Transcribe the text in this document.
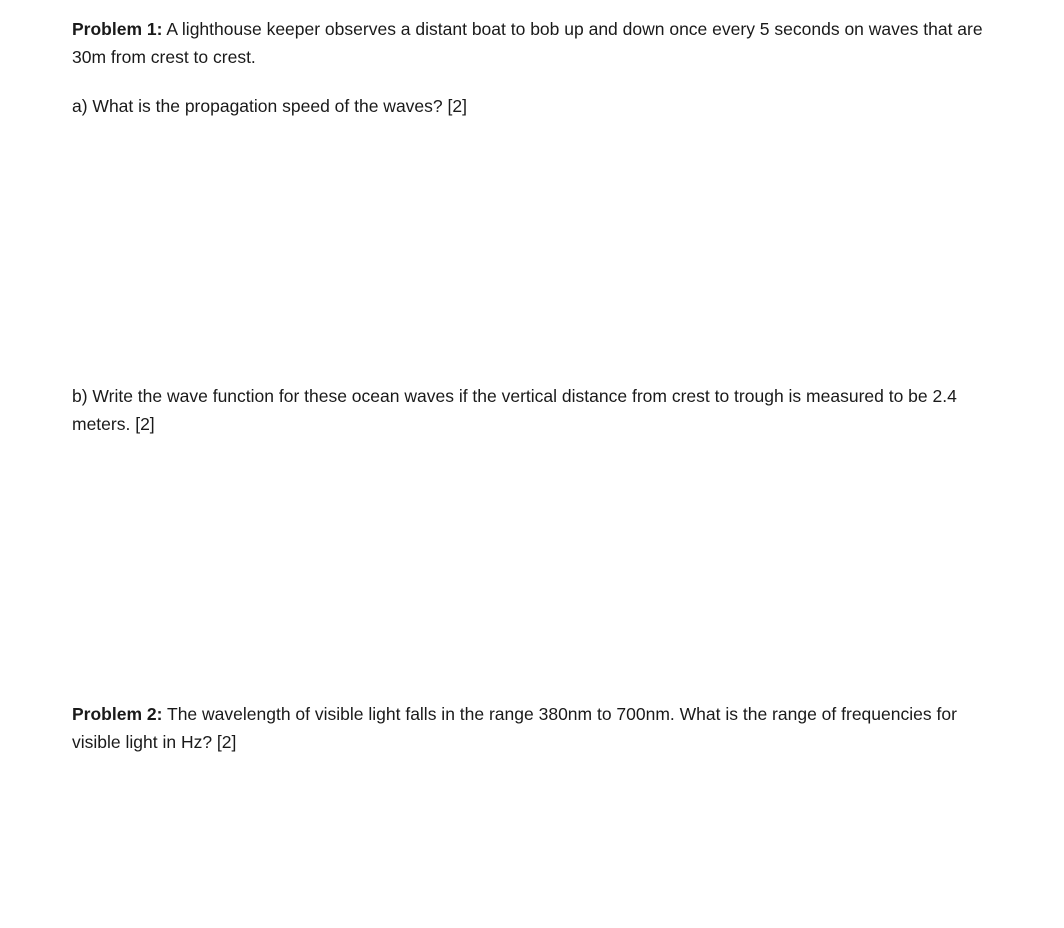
Problem 1: A lighthouse keeper observes a distant boat to bob up and down once every 5 seconds on waves that are 30m from crest to crest.

a) What is the propagation speed of the waves? [2]

b) Write the wave function for these ocean waves if the vertical distance from crest to trough is measured to be 2.4 meters. [2]

Problem 2: The wavelength of visible light falls in the range 380nm to 700nm. What is the range of frequencies for visible light in Hz? [2]
